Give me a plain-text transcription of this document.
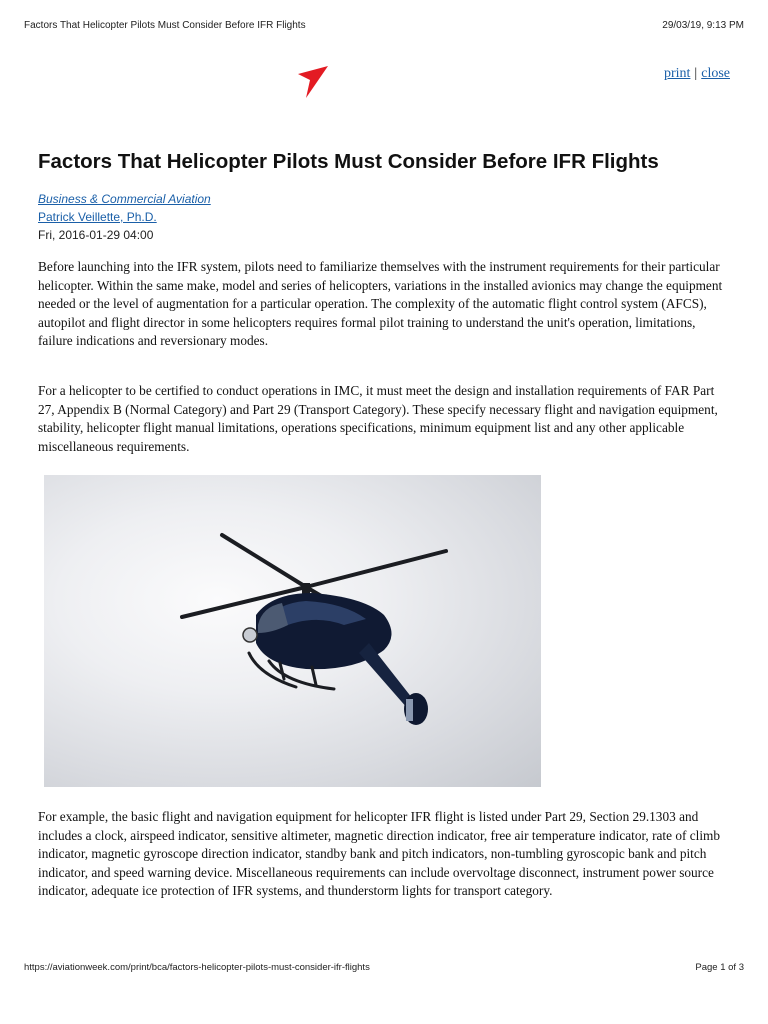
Factors That Helicopter Pilots Must Consider Before IFR Flights	29/03/19, 9:13 PM
print | close
Factors That Helicopter Pilots Must Consider Before IFR Flights
Business & Commercial Aviation
Patrick Veillette, Ph.D.
Fri, 2016-01-29 04:00

Before launching into the IFR system, pilots need to familiarize themselves with the instrument requirements for their particular helicopter. Within the same make, model and series of helicopters, variations in the installed avionics may change the equipment needed or the level of augmentation for a particular operation. The complexity of the automatic flight control system (AFCS), autopilot and flight director in some helicopters requires formal pilot training to understand the unit's operation, limitations, failure indications and reversionary modes.

For a helicopter to be certified to conduct operations in IMC, it must meet the design and installation requirements of FAR Part 27, Appendix B (Normal Category) and Part 29 (Transport Category). These specify necessary flight and navigation equipment, stability, helicopter flight manual limitations, operations specifications, minimum equipment list and any other applicable miscellaneous requirements.

For example, the basic flight and navigation equipment for helicopter IFR flight is listed under Part 29, Section 29.1303 and includes a clock, airspeed indicator, sensitive altimeter, magnetic direction indicator, free air temperature indicator, rate of climb indicator, magnetic gyroscope direction indicator, standby bank and pitch indicators, non-tumbling gyroscopic bank and pitch indicator, and speed warning device. Miscellaneous requirements can include overvoltage disconnect, instrument power source indicator, adequate ice protection of IFR systems, and thunderstorm lights for transport category.

https://aviationweek.com/print/bca/factors-helicopter-pilots-must-consider-ifr-flights	Page 1 of 3
